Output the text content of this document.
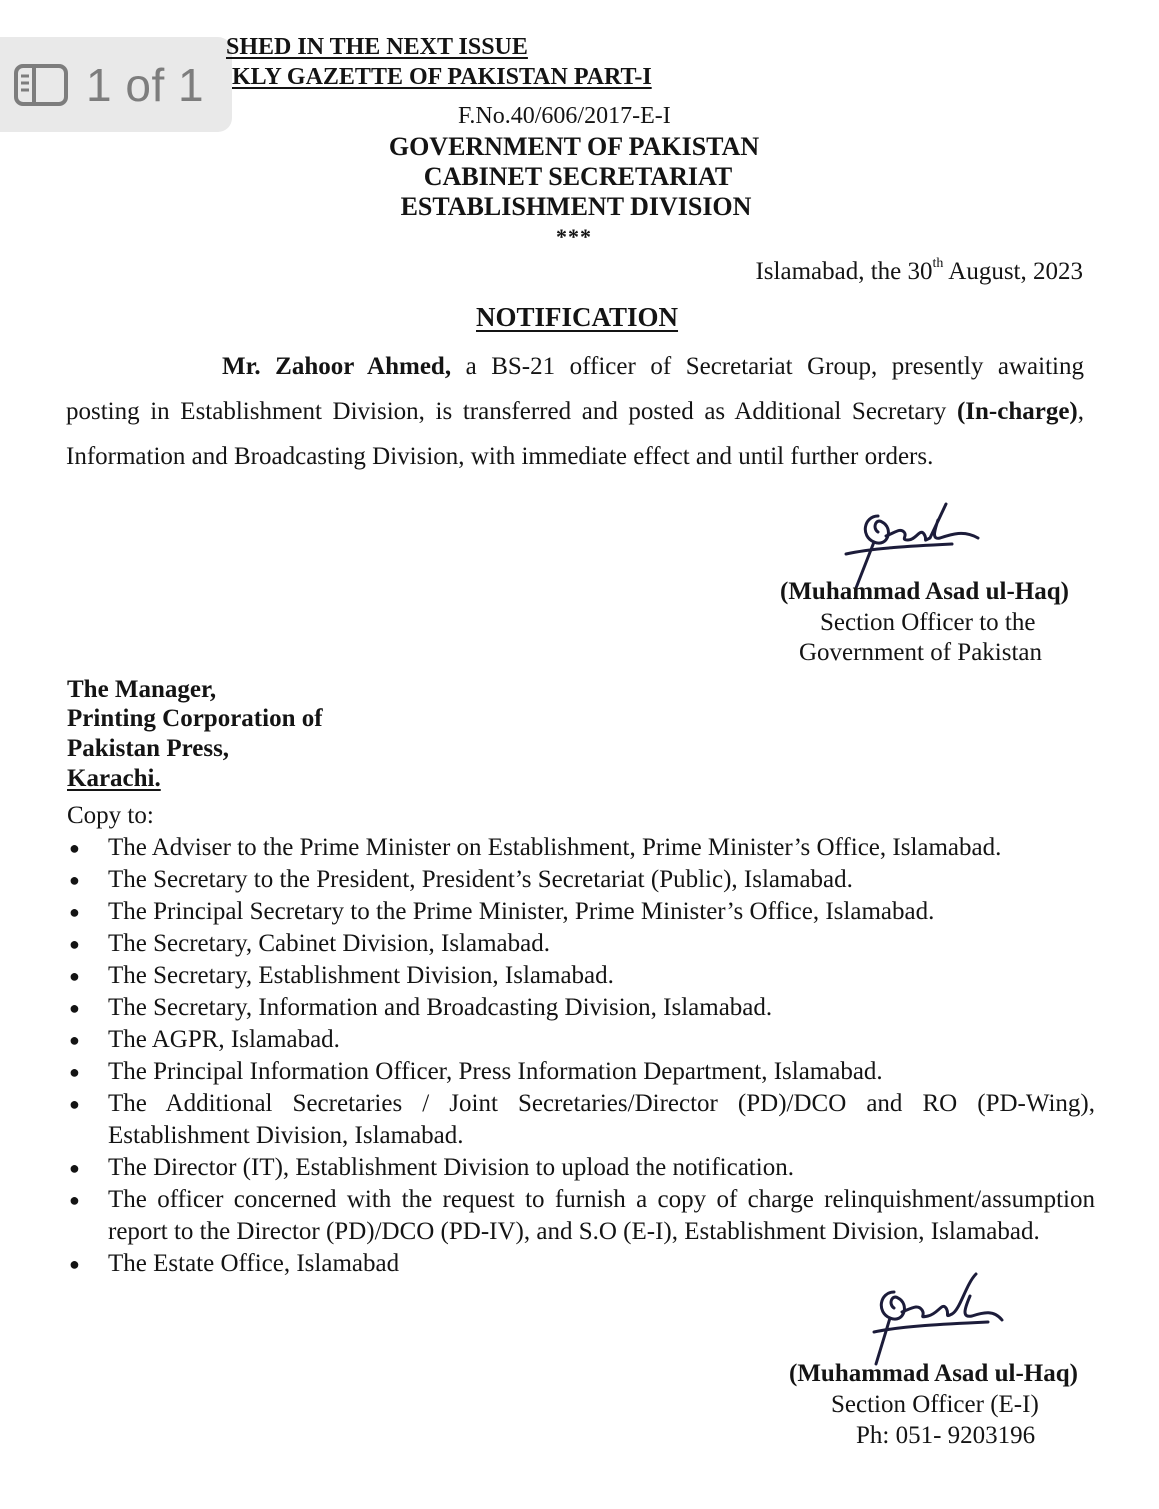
1 of 1
SHED IN THE NEXT ISSUE
KLY GAZETTE OF PAKISTAN PART-I
F.No.40/606/2017-E-I
GOVERNMENT OF PAKISTAN
CABINET SECRETARIAT
ESTABLISHMENT DIVISION
***
Islamabad, the 30th August, 2023
NOTIFICATION
Mr. Zahoor Ahmed, a BS-21 officer of Secretariat Group, presently awaiting
posting in Establishment Division, is transferred and posted as Additional Secretary (In-charge),
Information and Broadcasting Division, with immediate effect and until further orders.
(Muhammad Asad ul-Haq)
Section Officer to the
Government of Pakistan
The Manager,
Printing Corporation of
Pakistan Press,
Karachi.
Copy to:
● The Adviser to the Prime Minister on Establishment, Prime Minister’s Office, Islamabad.
● The Secretary to the President, President’s Secretariat (Public), Islamabad.
● The Principal Secretary to the Prime Minister, Prime Minister’s Office, Islamabad.
● The Secretary, Cabinet Division, Islamabad.
● The Secretary, Establishment Division, Islamabad.
● The Secretary, Information and Broadcasting Division, Islamabad.
● The AGPR, Islamabad.
● The Principal Information Officer, Press Information Department, Islamabad.
● The Additional Secretaries / Joint Secretaries/Director (PD)/DCO and RO (PD-Wing), Establishment Division, Islamabad.
● The Director (IT), Establishment Division to upload the notification.
● The officer concerned with the request to furnish a copy of charge relinquishment/assumption report to the Director (PD)/DCO (PD-IV), and S.O (E-I), Establishment Division, Islamabad.
● The Estate Office, Islamabad
(Muhammad Asad ul-Haq)
Section Officer (E-I)
Ph: 051- 9203196
